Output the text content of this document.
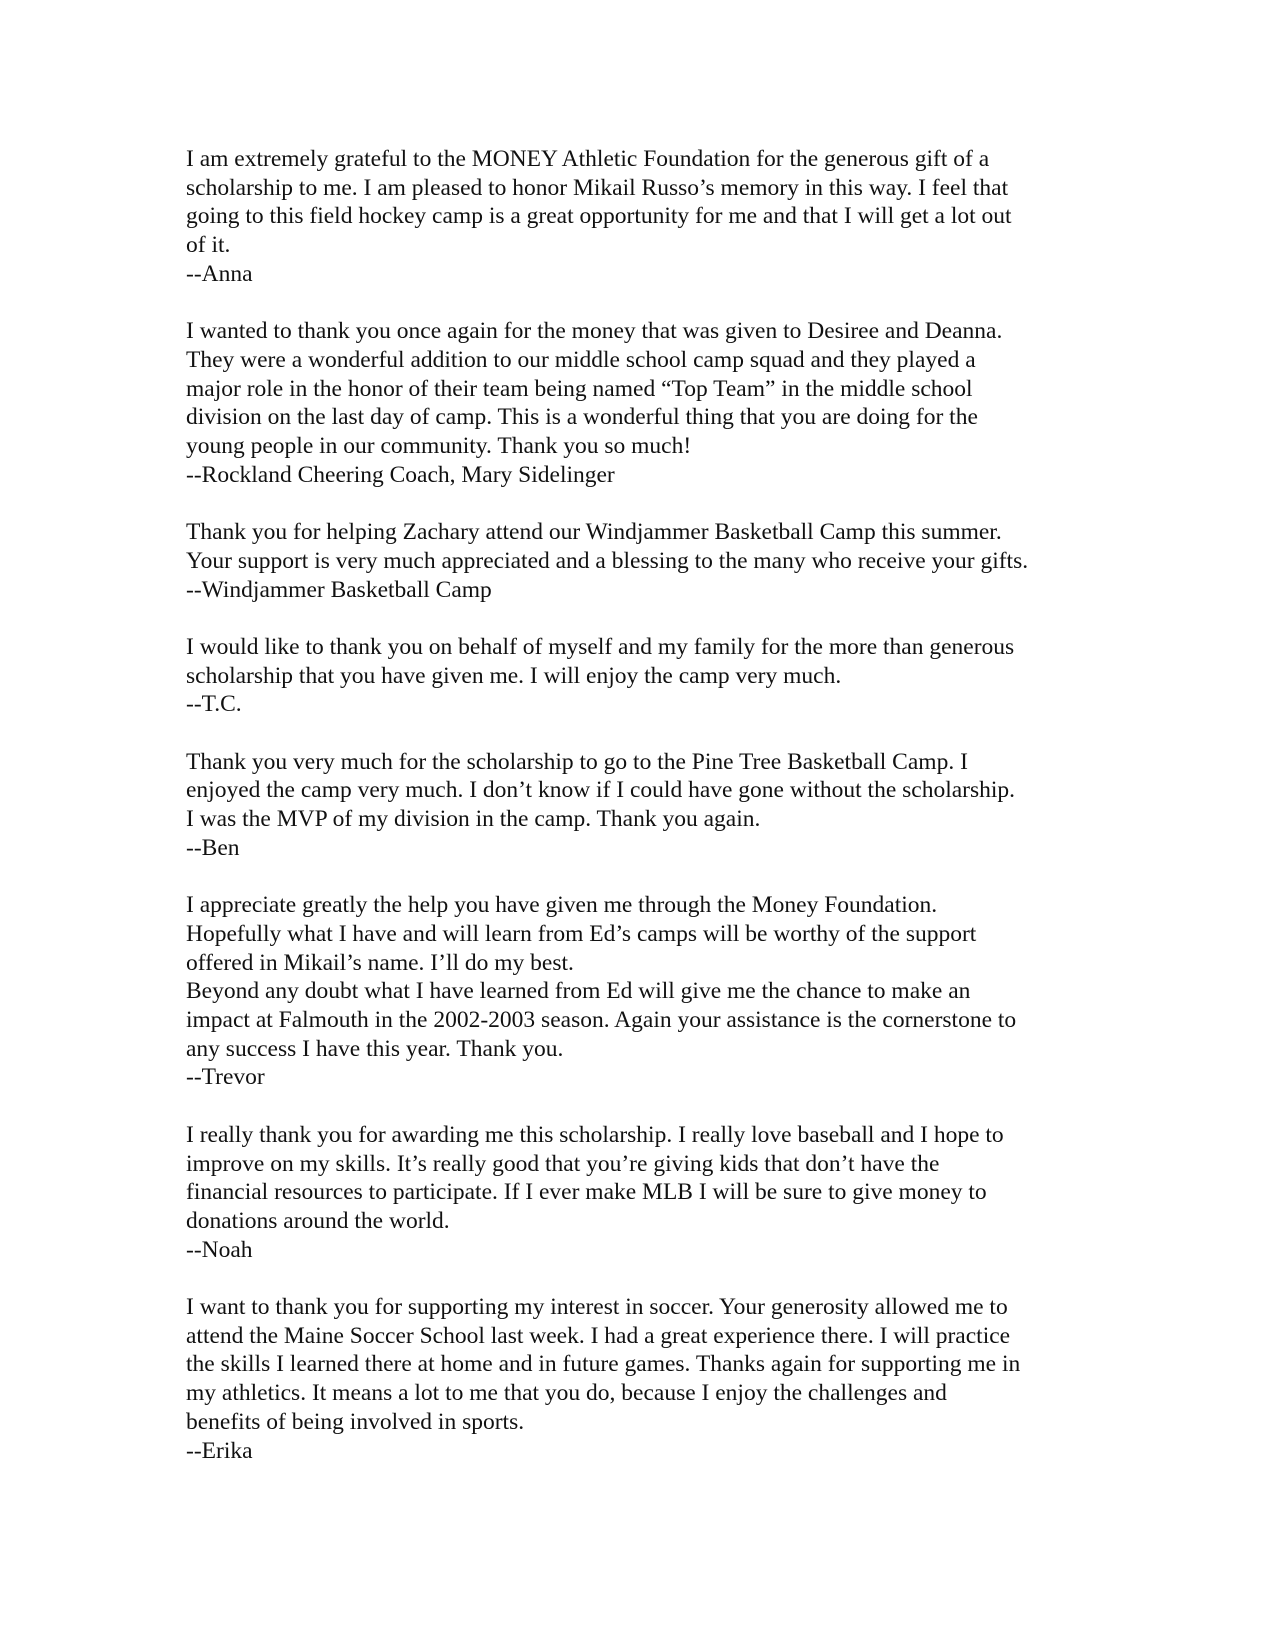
I am extremely grateful to the MONEY Athletic Foundation for the generous gift of a
scholarship to me. I am pleased to honor Mikail Russo’s memory in this way. I feel that
going to this field hockey camp is a great opportunity for me and that I will get a lot out
of it.
--Anna
I wanted to thank you once again for the money that was given to Desiree and Deanna.
They were a wonderful addition to our middle school camp squad and they played a
major role in the honor of their team being named “Top Team” in the middle school
division on the last day of camp. This is a wonderful thing that you are doing for the
young people in our community. Thank you so much!
--Rockland Cheering Coach, Mary Sidelinger
Thank you for helping Zachary attend our Windjammer Basketball Camp this summer.
Your support is very much appreciated and a blessing to the many who receive your gifts.
--Windjammer Basketball Camp
I would like to thank you on behalf of myself and my family for the more than generous
scholarship that you have given me. I will enjoy the camp very much.
--T.C.
Thank you very much for the scholarship to go to the Pine Tree Basketball Camp. I
enjoyed the camp very much. I don’t know if I could have gone without the scholarship.
I was the MVP of my division in the camp. Thank you again.
--Ben
I appreciate greatly the help you have given me through the Money Foundation.
Hopefully what I have and will learn from Ed’s camps will be worthy of the support
offered in Mikail’s name. I’ll do my best.
Beyond any doubt what I have learned from Ed will give me the chance to make an
impact at Falmouth in the 2002-2003 season. Again your assistance is the cornerstone to
any success I have this year. Thank you.
--Trevor
I really thank you for awarding me this scholarship. I really love baseball and I hope to
improve on my skills. It’s really good that you’re giving kids that don’t have the
financial resources to participate. If I ever make MLB I will be sure to give money to
donations around the world.
--Noah
I want to thank you for supporting my interest in soccer. Your generosity allowed me to
attend the Maine Soccer School last week. I had a great experience there. I will practice
the skills I learned there at home and in future games. Thanks again for supporting me in
my athletics. It means a lot to me that you do, because I enjoy the challenges and
benefits of being involved in sports.
--Erika
